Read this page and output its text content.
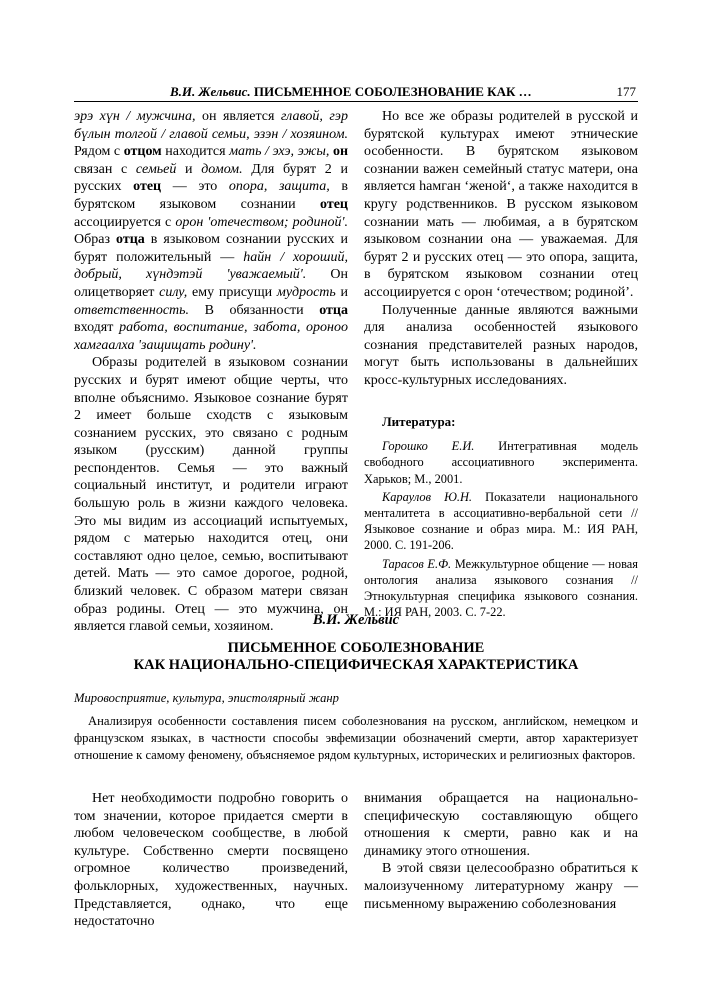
В.И. Жельвис. ПИСЬМЕННОЕ СОБОЛЕЗНОВАНИЕ КАК …	177

эрэ хүн / мужчина, он является главой, гэр бүлын толгой / главой семьи, эзэн / хозяином. Рядом с отцом находится мать / эхэ, эжы, он связан с семьей и домом. Для бурят 2 и русских отец — это опора, защита, в бурятском языковом сознании отец ассоциируется с орон 'отечеством; родиной'. Образ отца в языковом сознании русских и бурят положительный — һайн / хороший, добрый, хүндэтэй 'уважаемый'. Он олицетворяет силу, ему присущи мудрость и ответственность. В обязанности отца входят работа, воспитание, забота, ороноо хамгаалха 'защищать родину'.

Образы родителей в языковом сознании русских и бурят имеют общие черты, что вполне объяснимо. Языковое сознание бурят 2 имеет больше сходств с языковым сознанием русских, это связано с родным языком (русским) данной группы респондентов. Семья — это важный социальный институт, и родители играют большую роль в жизни каждого человека. Это мы видим из ассоциаций испытуемых, рядом с матерью находится отец, они составляют одно целое, семью, воспитывают детей. Мать — это самое дорогое, родной, близкий человек. С образом матери связан образ родины. Отец — это мужчина, он является главой семьи, хозяином.

Но все же образы родителей в русской и бурятской культурах имеют этнические особенности. В бурятском языковом сознании важен семейный статус матери, она является һамган ‘женой‘, а также находится в кругу родственников. В русском языковом сознании мать — любимая, а в бурятском языковом сознании она — уважаемая. Для бурят 2 и русских отец — это опора, защита, в бурятском языковом сознании отец ассоциируется с орон ‘отечеством; родиной’.

Полученные данные являются важными для анализа особенностей языкового сознания представителей разных народов, могут быть использованы в дальнейших кросс-культурных исследованиях.

Литература:

Горошко Е.И. Интегративная модель свободного ассоциативного эксперимента. Харьков; М., 2001.

Караулов Ю.Н. Показатели национального менталитета в ассоциативно-вербальной сети // Языковое сознание и образ мира. М.: ИЯ РАН, 2000. С. 191-206.

Тарасов Е.Ф. Межкультурное общение — новая онтология анализа языкового сознания // Этнокультурная специфика языкового сознания. М.: ИЯ РАН, 2003. С. 7-22.

В.И. Жельвис
ПИСЬМЕННОЕ СОБОЛЕЗНОВАНИЕ
КАК НАЦИОНАЛЬНО-СПЕЦИФИЧЕСКАЯ ХАРАКТЕРИСТИКА
Мировосприятие, культура, эпистолярный жанр
Анализируя особенности составления писем соболезнования на русском, английском, немецком и французском языках, в частности способы эвфемизации обозначений смерти, автор характеризует отношение к самому феномену, объясняемое рядом культурных, исторических и религиозных факторов.

Нет необходимости подробно говорить о том значении, которое придается смерти в любом человеческом сообществе, в любой культуре. Собственно смерти посвящено огромное количество произведений, фольклорных, художественных, научных. Представляется, однако, что еще недостаточно

внимания обращается на национально-специфическую составляющую общего отношения к смерти, равно как и на динамику этого отношения.

В этой связи целесообразно обратиться к малоизученному литературному жанру — письменному выражению соболезнования
